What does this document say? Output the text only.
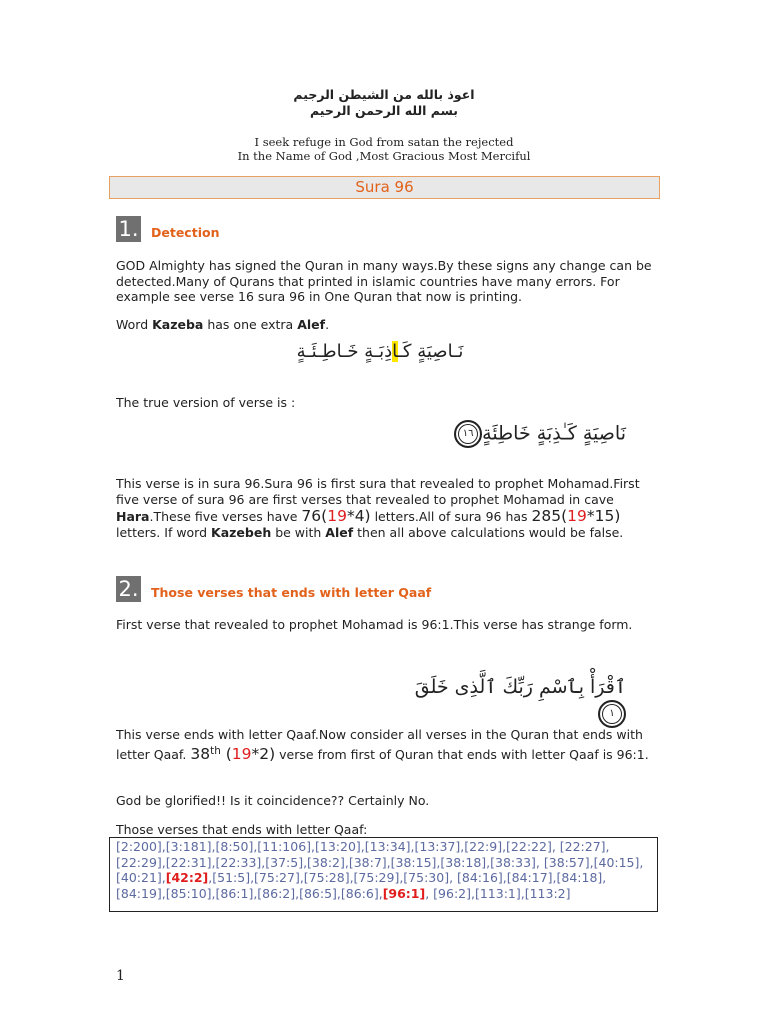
اعوذ بالله من الشيطن الرجيم
بسم الله الرحمن الرحيم
I seek refuge in God from satan the rejected
In the Name of God ,Most Gracious Most Merciful
Sura 96
1. Detection
GOD Almighty has signed the Quran in many ways.By these signs any change can be detected.Many of Qurans that printed in islamic countries have many errors. For example see verse 16 sura 96 in One Quran that now is printing.
Word Kazeba has one extra Alef.
نَـاصِيَةٍ كَـاذِبَـةٍ خَـاطِـئَـةٍ
The true version of verse is :
نَاصِيَةٍ كَـٰذِبَةٍ خَاطِئَةٍ١٦
This verse is in sura 96.Sura 96 is first sura that revealed to prophet Mohamad.First five verse of sura 96 are first verses that revealed to prophet Mohamad in cave Hara.These five verses have 76(19*4) letters.All of sura 96 has 285(19*15) letters. If word Kazebeh be with Alef then all above calculations would be false.
2. Those verses that ends with letter Qaaf
First verse that revealed to prophet Mohamad is 96:1.This verse has strange form.
ٱقْرَأْ بِٱسْمِ رَبِّكَ ٱلَّذِى خَلَقَ١
This verse ends with letter Qaaf.Now consider all verses in the Quran that ends with letter Qaaf. 38th (19*2) verse from first of Quran that ends with letter Qaaf is 96:1.
God be glorified!! Is it coincidence?? Certainly No.
Those verses that ends with letter Qaaf:
[2:200],[3:181],[8:50],[11:106],[13:20],[13:34],[13:37],[22:9],[22:22], [22:27],[22:29],[22:31],[22:33],[37:5],[38:2],[38:7],[38:15],[38:18],[38:33], [38:57],[40:15],[40:21],[42:2],[51:5],[75:27],[75:28],[75:29],[75:30], [84:16],[84:17],[84:18],[84:19],[85:10],[86:1],[86:2],[86:5],[86:6],[96:1], [96:2],[113:1],[113:2]
1
